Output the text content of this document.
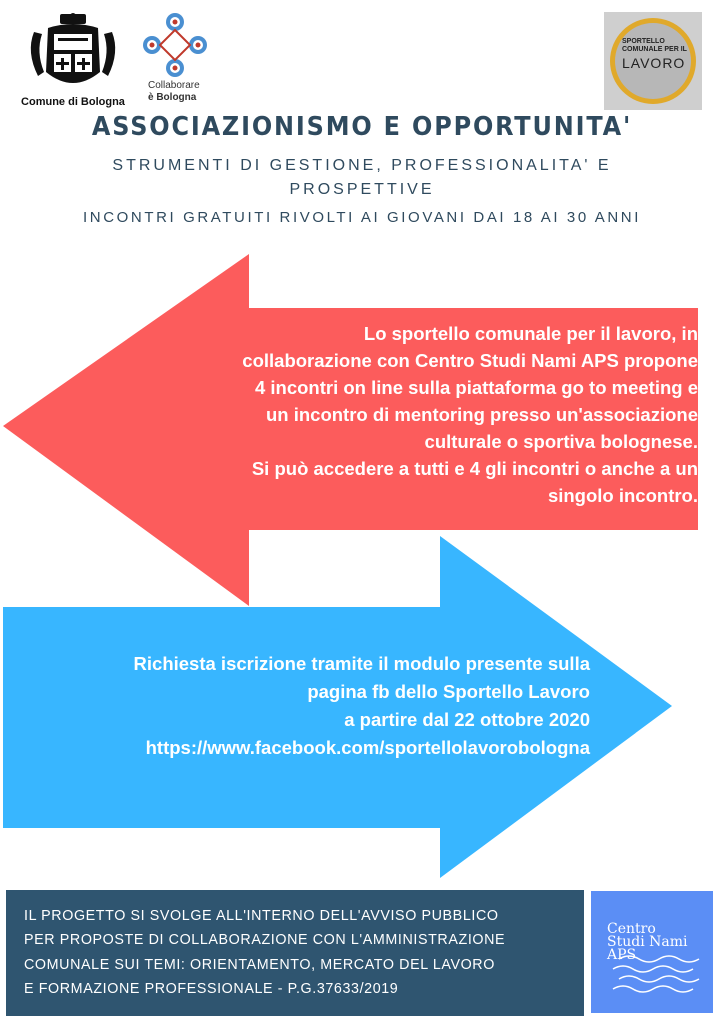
Comune di Bologna
Collaborare
è Bologna
SPORTELLO COMUNALE PER IL
LAVORO
ASSOCIAZIONISMO E OPPORTUNITA'
STRUMENTI DI GESTIONE, PROFESSIONALITA' E PROSPETTIVE
INCONTRI GRATUITI RIVOLTI AI GIOVANI DAI 18 AI 30 ANNI
Lo sportello comunale per il lavoro, in
collaborazione con Centro Studi Nami APS propone
4 incontri on line sulla piattaforma go to meeting e
un incontro di mentoring presso un'associazione
culturale o sportiva bolognese.
Si può accedere a tutti e 4 gli incontri o anche a un
singolo incontro.
Richiesta iscrizione tramite il modulo presente sulla
pagina fb dello Sportello Lavoro
a partire dal 22 ottobre 2020
https://www.facebook.com/sportellolavorobologna
IL PROGETTO SI SVOLGE ALL'INTERNO DELL'AVVISO PUBBLICO
PER PROPOSTE DI COLLABORAZIONE CON L'AMMINISTRAZIONE
COMUNALE SUI TEMI: ORIENTAMENTO, MERCATO DEL LAVORO
E FORMAZIONE PROFESSIONALE - P.G.37633/2019
Centro
Studi Nami
APS
